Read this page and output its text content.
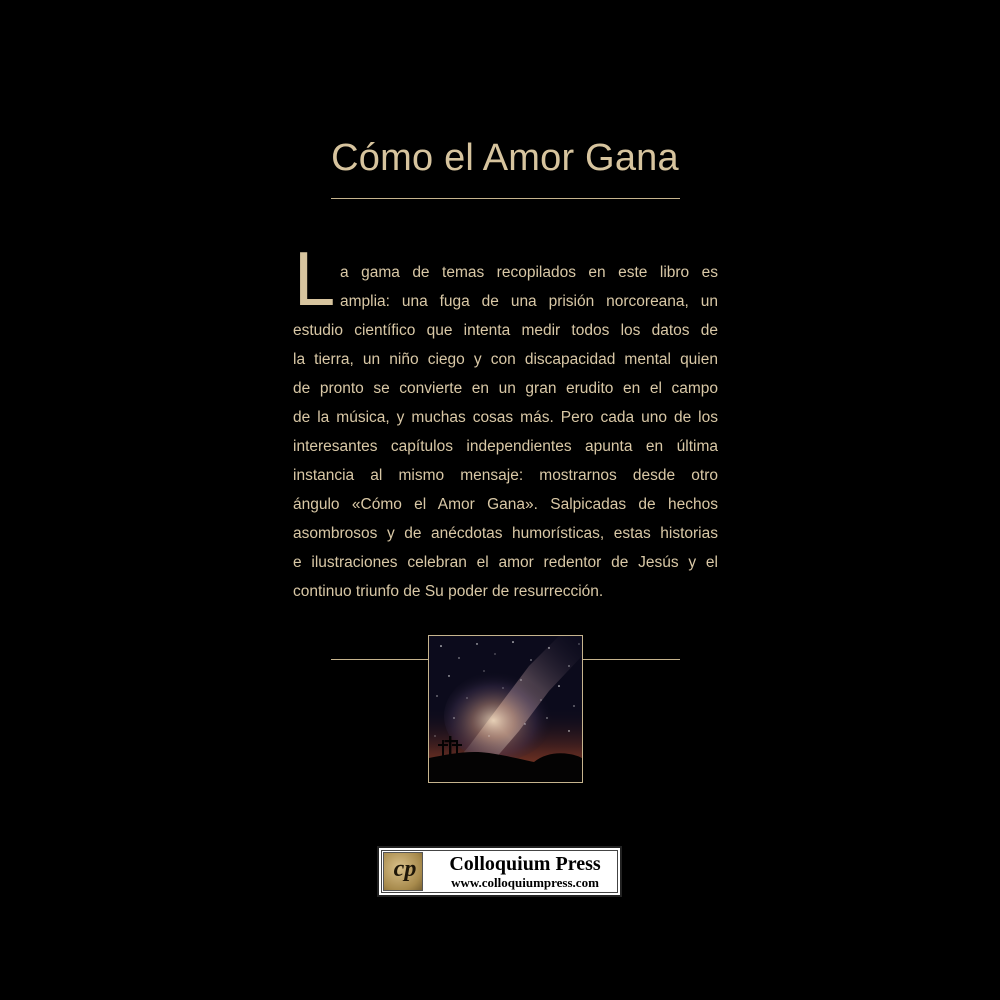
Cómo el Amor Gana
L a gama de temas recopilados en este libro es
amplia: una fuga de una prisión norcoreana, un
estudio científico que intenta medir todos los datos de
la tierra, un niño ciego y con discapacidad mental quien
de pronto se convierte en un gran erudito en el campo
de la música, y muchas cosas más. Pero cada uno de los
interesantes capítulos independientes apunta en última
instancia al mismo mensaje: mostrarnos desde otro
ángulo «Cómo el Amor Gana». Salpicadas de hechos
asombrosos y de anécdotas humorísticas, estas historias
e ilustraciones celebran el amor redentor de Jesús y el
continuo triunfo de Su poder de resurrección.
cp	Colloquium Press
www.colloquiumpress.com
